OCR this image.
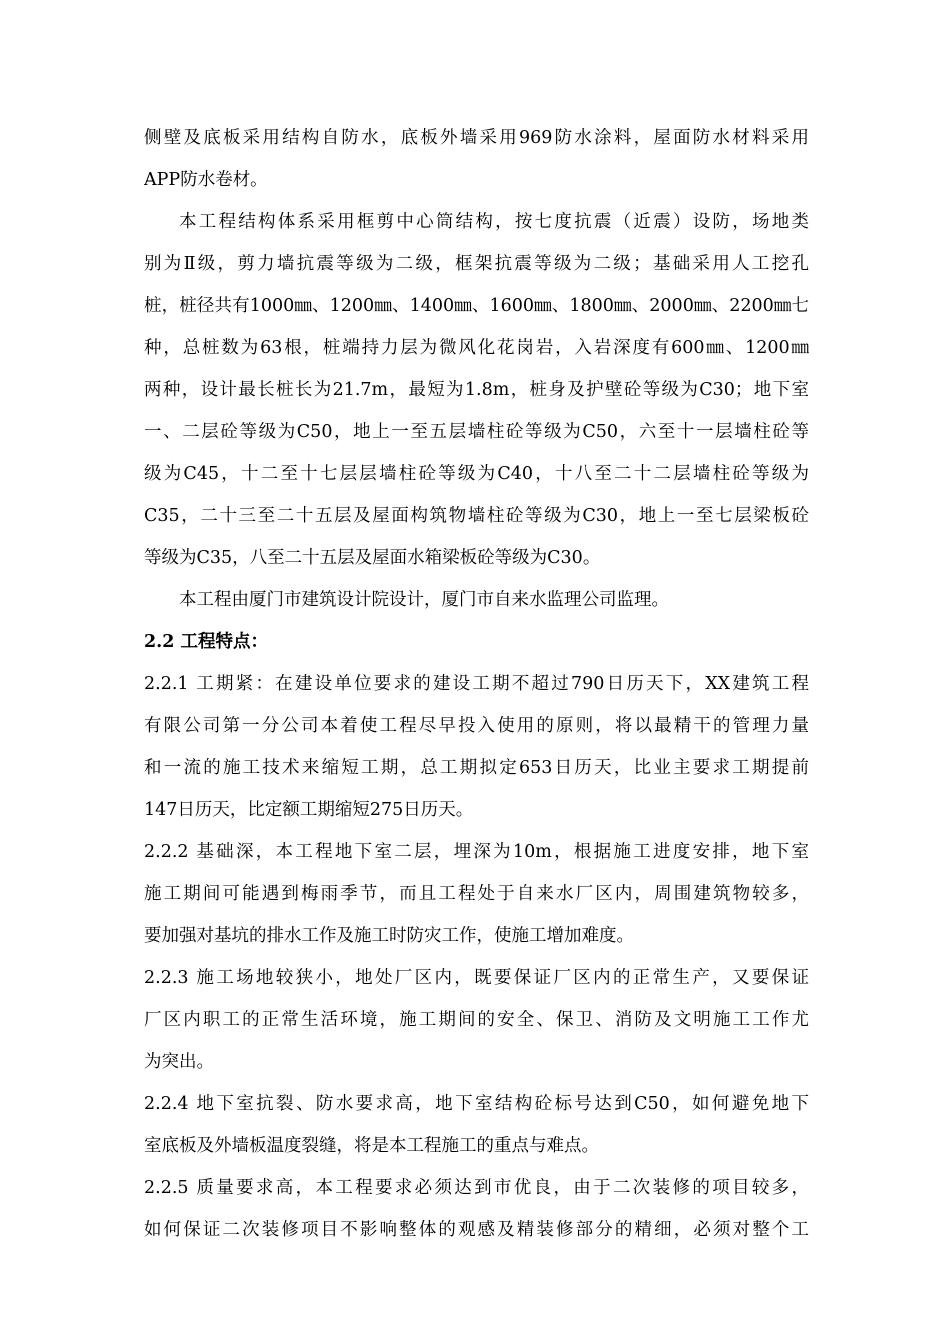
侧壁及底板采用结构自防水，底板外墙采用969防水涂料，屋面防水材料采用
APP防水卷材。
本工程结构体系采用框剪中心筒结构，按七度抗震（近震）设防，场地类
别为Ⅱ级，剪力墙抗震等级为二级，框架抗震等级为二级；基础采用人工挖孔
桩，桩径共有1000㎜、1200㎜、1400㎜、1600㎜、1800㎜、2000㎜、2200㎜七
种，总桩数为63根，桩端持力层为微风化花岗岩，入岩深度有600㎜、1200㎜
两种，设计最长桩长为21.7m，最短为1.8m，桩身及护壁砼等级为C30；地下室
一、二层砼等级为C50，地上一至五层墙柱砼等级为C50，六至十一层墙柱砼等
级为C45，十二至十七层层墙柱砼等级为C40，十八至二十二层墙柱砼等级为
C35，二十三至二十五层及屋面构筑物墙柱砼等级为C30，地上一至七层梁板砼
等级为C35，八至二十五层及屋面水箱梁板砼等级为C30。
本工程由厦门市建筑设计院设计，厦门市自来水监理公司监理。
2.2 工程特点：
2.2.1 工期紧：在建设单位要求的建设工期不超过790日历天下，XX建筑工程
有限公司第一分公司本着使工程尽早投入使用的原则，将以最精干的管理力量
和一流的施工技术来缩短工期，总工期拟定653日历天，比业主要求工期提前
147日历天，比定额工期缩短275日历天。
2.2.2 基础深，本工程地下室二层，埋深为10m，根据施工进度安排，地下室
施工期间可能遇到梅雨季节，而且工程处于自来水厂区内，周围建筑物较多，
要加强对基坑的排水工作及施工时防灾工作，使施工增加难度。
2.2.3 施工场地较狭小，地处厂区内，既要保证厂区内的正常生产，又要保证
厂区内职工的正常生活环境，施工期间的安全、保卫、消防及文明施工工作尤
为突出。
2.2.4 地下室抗裂、防水要求高，地下室结构砼标号达到C50，如何避免地下
室底板及外墙板温度裂缝，将是本工程施工的重点与难点。
2.2.5 质量要求高，本工程要求必须达到市优良，由于二次装修的项目较多，
如何保证二次装修项目不影响整体的观感及精装修部分的精细，必须对整个工
